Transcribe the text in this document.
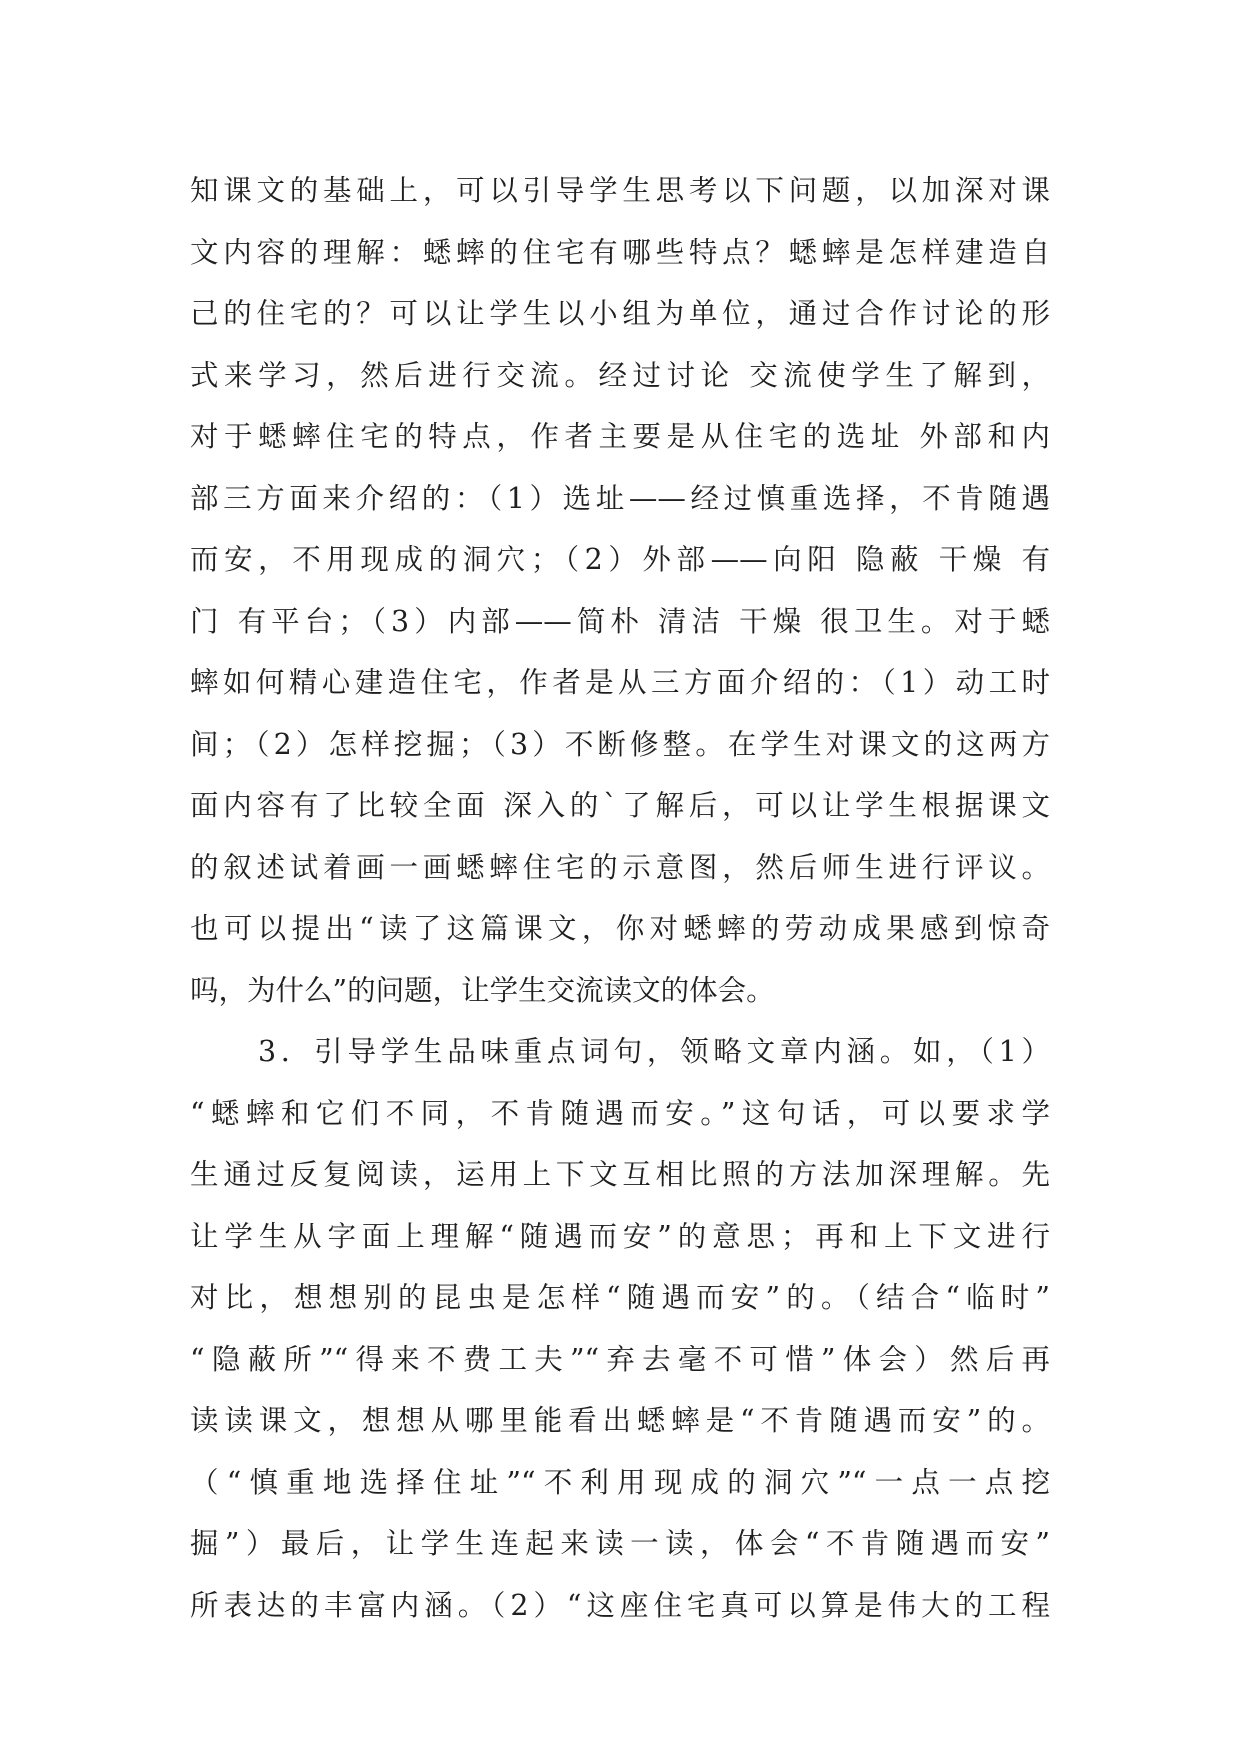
知课文的基础上，可以引导学生思考以下问题，以加深对课
文内容的理解：蟋蟀的住宅有哪些特点？蟋蟀是怎样建造自
己的住宅的？可以让学生以小组为单位，通过合作讨论的形
式来学习，然后进行交流。经过讨论 交流使学生了解到，
对于蟋蟀住宅的特点，作者主要是从住宅的选址 外部和内
部三方面来介绍的：（1）选址——经过慎重选择，不肯随遇
而安，不用现成的洞穴；（2）外部——向阳 隐蔽 干燥 有
门 有平台；（3）内部——简朴 清洁 干燥 很卫生。对于蟋
蟀如何精心建造住宅，作者是从三方面介绍的：（1）动工时
间；（2）怎样挖掘；（3）不断修整。在学生对课文的这两方
面内容有了比较全面 深入的`了解后，可以让学生根据课文
的叙述试着画一画蟋蟀住宅的示意图，然后师生进行评议。
也可以提出“读了这篇课文，你对蟋蟀的劳动成果感到惊奇
吗，为什么”的问题，让学生交流读文的体会。
3．引导学生品味重点词句，领略文章内涵。如，（1）
“蟋蟀和它们不同，不肯随遇而安。”这句话，可以要求学
生通过反复阅读，运用上下文互相比照的方法加深理解。先
让学生从字面上理解“随遇而安”的意思；再和上下文进行
对比，想想别的昆虫是怎样“随遇而安”的。（结合“临时”
“隐蔽所”“得来不费工夫”“弃去毫不可惜”体会）然后再
读读课文，想想从哪里能看出蟋蟀是“不肯随遇而安”的。
（“慎重地选择住址”“不利用现成的洞穴”“一点一点挖
掘”）最后，让学生连起来读一读，体会“不肯随遇而安”
所表达的丰富内涵。（2）“这座住宅真可以算是伟大的工程
